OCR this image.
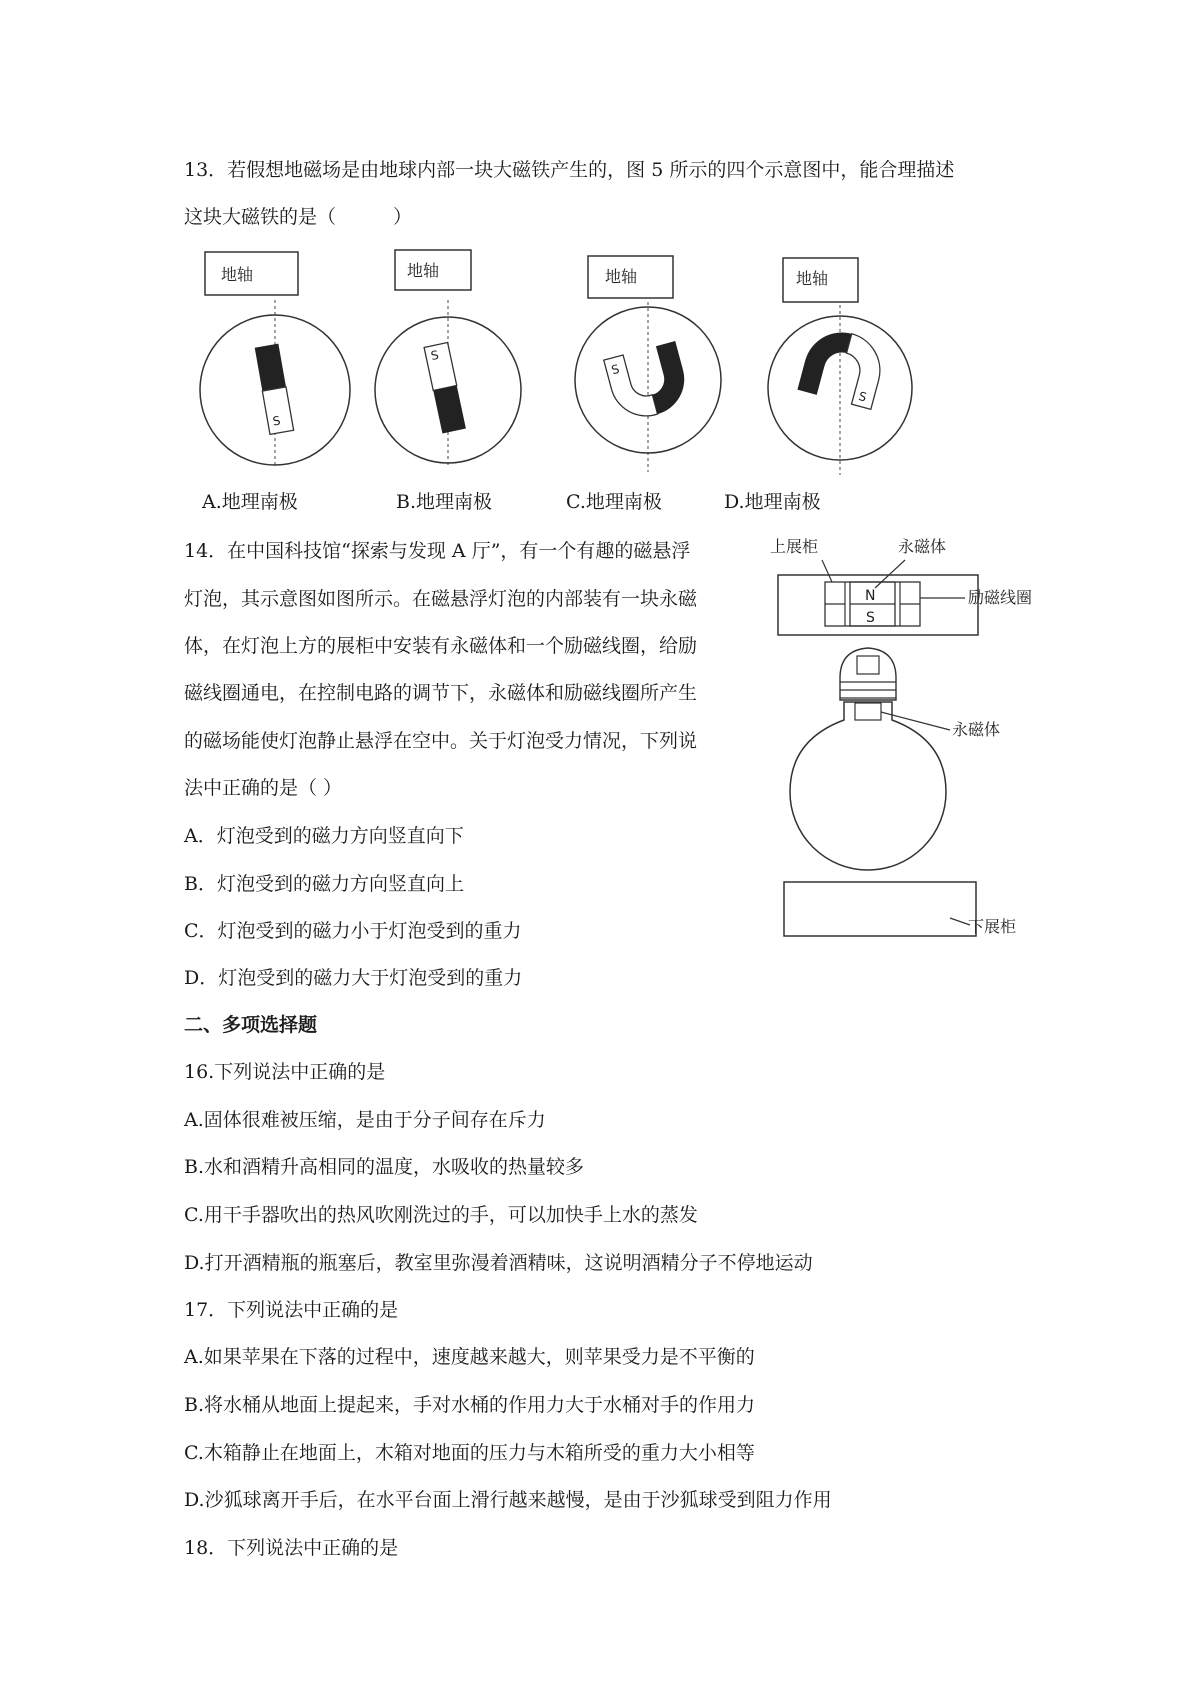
13．若假想地磁场是由地球内部一块大磁铁产生的，图 5 所示的四个示意图中，能合理描述
这块大磁铁的是（　　　）
地轴
S
地轴
S
地轴
S
地轴
S
A.地理南极	B.地理南极	C.地理南极	D.地理南极
14．在中国科技馆“探索与发现 A 厅”，有一个有趣的磁悬浮
灯泡，其示意图如图所示。在磁悬浮灯泡的内部装有一块永磁
体，在灯泡上方的展柜中安装有永磁体和一个励磁线圈，给励
磁线圈通电，在控制电路的调节下，永磁体和励磁线圈所产生
的磁场能使灯泡静止悬浮在空中。关于灯泡受力情况，下列说
法中正确的是（ ）
A．灯泡受到的磁力方向竖直向下
B．灯泡受到的磁力方向竖直向上
C．灯泡受到的磁力小于灯泡受到的重力
D．灯泡受到的磁力大于灯泡受到的重力
上展柜	永磁体
N
S
励磁线圈
永磁体
下展柜
二、多项选择题
16.下列说法中正确的是
A.固体很难被压缩，是由于分子间存在斥力
B.水和酒精升高相同的温度，水吸收的热量较多
C.用干手器吹出的热风吹刚洗过的手，可以加快手上水的蒸发
D.打开酒精瓶的瓶塞后，教室里弥漫着酒精味，这说明酒精分子不停地运动
17．下列说法中正确的是
A.如果苹果在下落的过程中，速度越来越大，则苹果受力是不平衡的
B.将水桶从地面上提起来，手对水桶的作用力大于水桶对手的作用力
C.木箱静止在地面上，木箱对地面的压力与木箱所受的重力大小相等
D.沙狐球离开手后，在水平台面上滑行越来越慢，是由于沙狐球受到阻力作用
18．下列说法中正确的是
